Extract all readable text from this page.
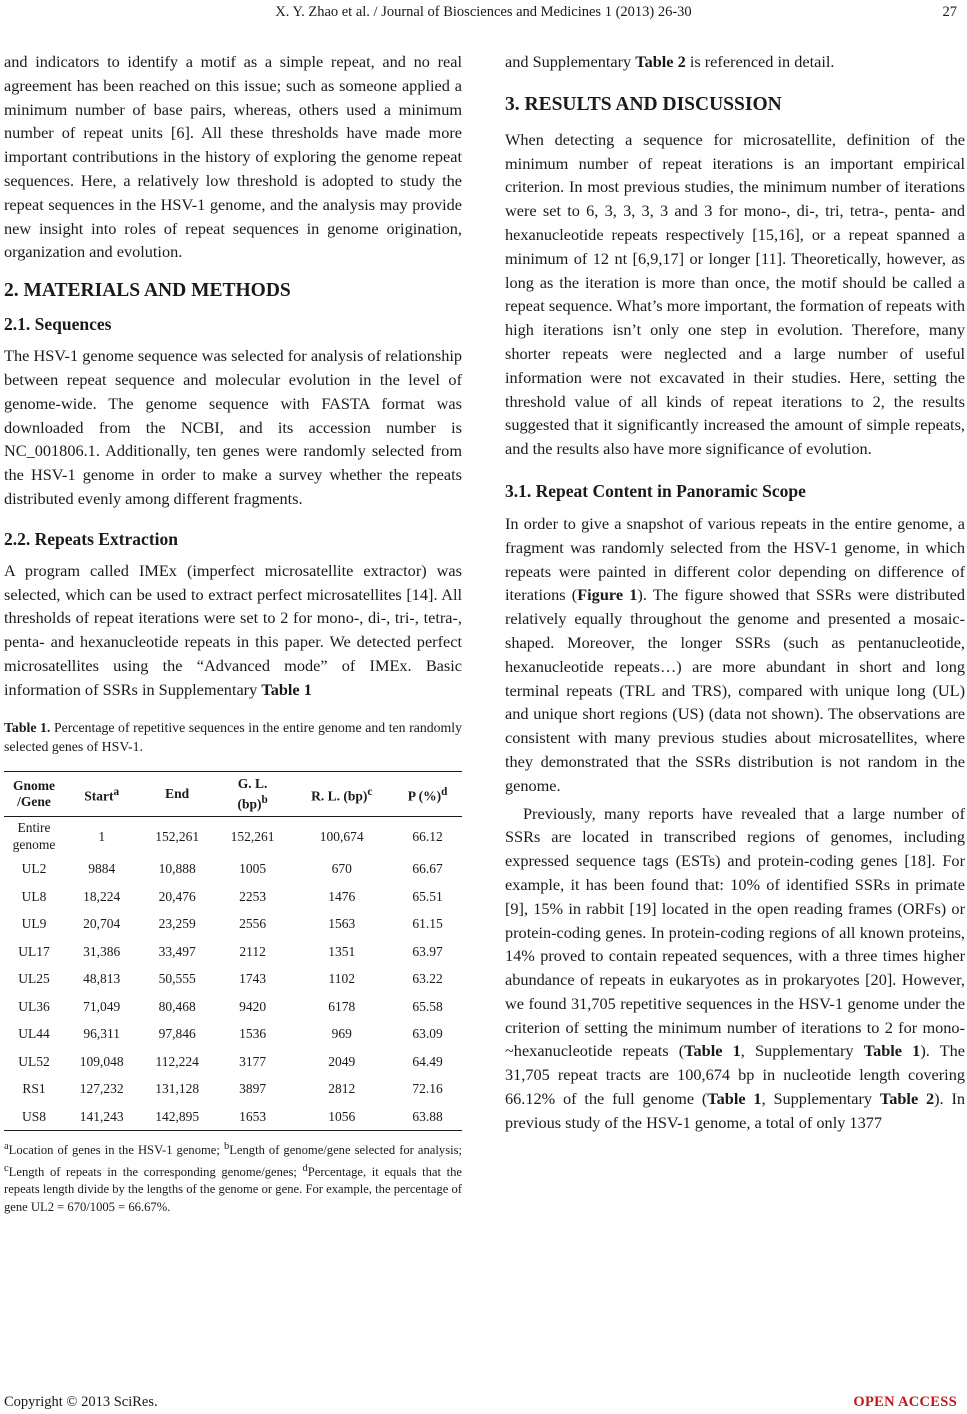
X. Y. Zhao et al. / Journal of Biosciences and Medicines 1 (2013) 26-30	27

and indicators to identify a motif as a simple repeat, and no real agreement has been reached on this issue; such as someone applied a minimum number of base pairs, whereas, others used a minimum number of repeat units [6]. All these thresholds have made more important contributions in the history of exploring the genome repeat sequences. Here, a relatively low threshold is adopted to study the repeat sequences in the HSV-1 genome, and the analysis may provide new insight into roles of repeat sequences in genome origination, organization and evolution.

2. MATERIALS AND METHODS
2.1. Sequences

The HSV-1 genome sequence was selected for analysis of relationship between repeat sequence and molecular evolution in the level of genome-wide. The genome sequence with FASTA format was downloaded from the NCBI, and its accession number is NC_001806.1. Additionally, ten genes were randomly selected from the HSV-1 genome in order to make a survey whether the repeats distributed evenly among different fragments.

2.2. Repeats Extraction

A program called IMEx (imperfect microsatellite extractor) was selected, which can be used to extract perfect microsatellites [14]. All thresholds of repeat iterations were set to 2 for mono-, di-, tri-, tetra-, penta- and hexanucleotide repeats in this paper. We detected perfect microsatellites using the “Advanced mode” of IMEx. Basic information of SSRs in Supplementary Table 1

Table 1. Percentage of repetitive sequences in the entire genome and ten randomly selected genes of HSV-1.
Gnome
/Gene	Start$^a$	End	G. L.
(bp)$^b$	R. L. (bp)$^c$	P (%)$^d$
Entire genome	1	152,261	152,261	100,674	66.12
UL2	9884	10,888	1005	670	66.67
UL8	18,224	20,476	2253	1476	65.51
UL9	20,704	23,259	2556	1563	61.15
UL17	31,386	33,497	2112	1351	63.97
UL25	48,813	50,555	1743	1102	63.22
UL36	71,049	80,468	9420	6178	65.58
UL44	96,311	97,846	1536	969	63.09
UL52	109,048	112,224	3177	2049	64.49
RS1	127,232	131,128	3897	2812	72.16
US8	141,243	142,895	1653	1056	63.88
$^a$Location of genes in the HSV-1 genome; $^b$Length of genome/gene selected for analysis; $^c$Length of repeats in the corresponding genome/genes; $^d$Percentage, it equals that the repeats length divide by the lengths of the genome or gene. For example, the percentage of gene UL2 = 670/1005 = 66.67%.

and Supplementary Table 2 is referenced in detail.

3. RESULTS AND DISCUSSION

When detecting a sequence for microsatellite, definition of the minimum number of repeat iterations is an important empirical criterion. In most previous studies, the minimum number of iterations were set to 6, 3, 3, 3, 3 and 3 for mono-, di-, tri, tetra-, penta- and hexanucleotide repeats respectively [15,16], or a repeat spanned a minimum of 12 nt [6,9,17] or longer [11]. Theoretically, however, as long as the iteration is more than once, the motif should be called a repeat sequence. What’s more important, the formation of repeats with high iterations isn’t only one step in evolution. Therefore, many shorter repeats were neglected and a large number of useful information were not excavated in their studies. Here, setting the threshold value of all kinds of repeat iterations to 2, the results suggested that it significantly increased the amount of simple repeats, and the results also have more significance of evolution.

3.1. Repeat Content in Panoramic Scope

In order to give a snapshot of various repeats in the entire genome, a fragment was randomly selected from the HSV-1 genome, in which repeats were painted in different color depending on difference of iterations (Figure 1). The figure showed that SSRs were distributed relatively equally throughout the genome and presented a mosaic-shaped. Moreover, the longer SSRs (such as pentanucleotide, hexanucleotide repeats…) are more abundant in short and long terminal repeats (TRL and TRS), compared with unique long (UL) and unique short regions (US) (data not shown). The observations are consistent with many previous studies about microsatellites, where they demonstrated that the SSRs distribution is not random in the genome.

Previously, many reports have revealed that a large number of SSRs are located in transcribed regions of genomes, including expressed sequence tags (ESTs) and protein-coding genes [18]. For example, it has been found that: 10% of identified SSRs in primate [9], 15% in rabbit [19] located in the open reading frames (ORFs) or protein-coding genes. In protein-coding regions of all known proteins, 14% proved to contain repeated sequences, with a three times higher abundance of repeats in eukaryotes as in prokaryotes [20]. However, we found 31,705 repetitive sequences in the HSV-1 genome under the criterion of setting the minimum number of iterations to 2 for mono- ~hexanucleotide repeats (Table 1, Supplementary Table 1). The 31,705 repeat tracts are 100,674 bp in nucleotide length covering 66.12% of the full genome (Table 1, Supplementary Table 2). In previous study of the HSV-1 genome, a total of only 1377

Copyright © 2013 SciRes.	OPEN ACCESS
